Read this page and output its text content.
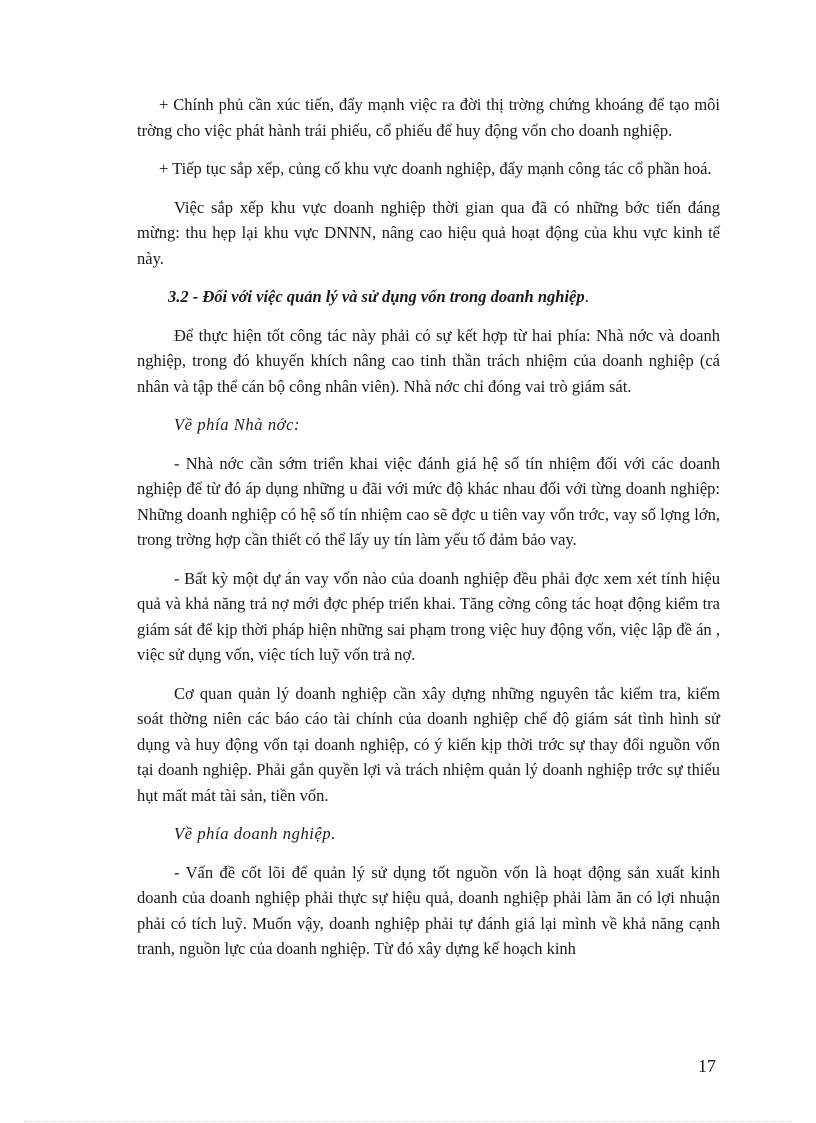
+ Chính phủ cần xúc tiến, đẩy mạnh việc ra đời thị trờng chứng khoáng để tạo môi trờng cho việc phát hành trái phiếu, cổ phiếu để huy động vốn cho doanh nghiệp.

+ Tiếp tục sắp xếp, củng cố khu vực doanh nghiệp, đẩy mạnh công tác cổ phần hoá.

Việc sắp xếp khu vực doanh nghiệp thời gian qua đã có những bớc tiến đáng mừng: thu hẹp lại khu vực DNNN, nâng cao hiệu quả hoạt động của khu vực kinh tế này.

3.2 - Đối với việc quản lý và sử dụng vốn trong doanh nghiệp.

Để thực hiện tốt công tác này phải có sự kết hợp từ hai phía: Nhà nớc và doanh nghiệp, trong đó khuyến khích nâng cao tinh thần trách nhiệm của doanh nghiệp (cá nhân và tập thể cán bộ công nhân viên). Nhà nớc chỉ đóng vai trò giám sát.

Về phía Nhà nớc:

- Nhà nớc cần sớm triển khai việc đánh giá hệ số tín nhiệm đối với các doanh nghiệp để từ đó áp dụng những u đãi với mức độ khác nhau đối với từng doanh nghiệp: Những doanh nghiệp có hệ số tín nhiệm cao sẽ đợc u tiên vay vốn trớc, vay số lợng lớn, trong trờng hợp cần thiết có thể lấy uy tín làm yếu tố đảm bảo vay.

- Bất kỳ một dự án vay vốn nào của doanh nghiệp đều phải đợc xem xét tính hiệu quả và khả năng trả nợ mới đợc phép triển khai. Tăng cờng công tác hoạt động kiểm tra giám sát để kịp thời pháp hiện những sai phạm trong việc huy động vốn, việc lập đề án , việc sử dụng vốn, việc tích luỹ vốn trả nợ.

Cơ quan quản lý doanh nghiệp cần xây dựng những nguyên tắc kiểm tra, kiểm soát thờng niên các báo cáo tài chính của doanh nghiệp chế độ giám sát tình hình sử dụng và huy động vốn tại doanh nghiệp, có ý kiến kịp thời trớc sự thay đổi nguồn vốn tại doanh nghiệp. Phải gắn quyền lợi và trách nhiệm quản lý doanh nghiệp trớc sự thiếu hụt mất mát tài sản, tiền vốn.

Về phía doanh nghiệp.

- Vấn đề cốt lõi để quản lý sử dụng tốt nguồn vốn là hoạt động sản xuất kinh doanh của doanh nghiệp phải thực sự hiệu quả, doanh nghiệp phải làm ăn có lợi nhuận phải có tích luỹ. Muốn vậy, doanh nghiệp phải tự đánh giá lại mình về khả năng cạnh tranh, nguồn lực của doanh nghiệp. Từ đó xây dựng kế hoạch kinh

17
